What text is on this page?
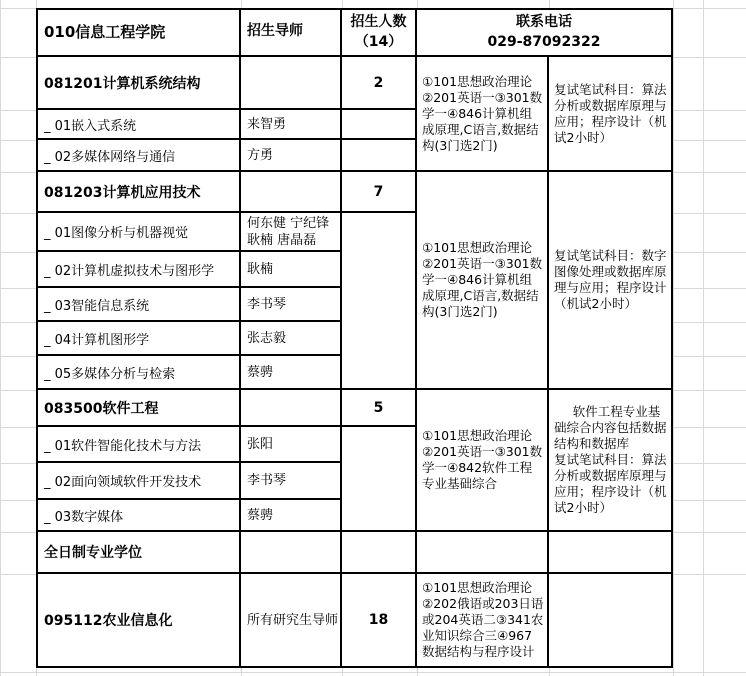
010信息工程学院	招生导师
招生人数
（14）
联系电话
029-87092322
081201计算机系统结构
_ 01嵌入式系统
_ 02多媒体网络与通信
081203计算机应用技术
_ 01图像分析与机器视觉
_ 02计算机虚拟技术与图形学
_ 03智能信息系统
_ 04计算机图形学
_ 05多媒体分析与检索
083500软件工程
_ 01软件智能化技术与方法
_ 02面向领域软件开发技术
_ 03数字媒体
全日制专业学位
095112农业信息化
来智勇
方勇
何东健 宁纪锋 耿楠 唐晶磊
耿楠
李书琴
张志毅
蔡骋
张阳
李书琴
蔡骋
所有研究生导师
2
7
5
18
①101思想政治理论②201英语一③301数学一④846计算机组成原理,C语言,数据结构(3门选2门)
①101思想政治理论②201英语一③301数学一④846计算机组成原理,C语言,数据结构(3门选2门)
①101思想政治理论②201英语一③301数学一④842软件工程专业基础综合
①101思想政治理论②202俄语或203日语或204英语二③341农业知识综合三④967数据结构与程序设计
复试笔试科目：算法分析或数据库原理与应用；程序设计（机试2小时）
复试笔试科目：数字图像处理或数据库原理与应用；程序设计（机试2小时）
软件工程专业基础综合内容包括数据结构和数据库
复试笔试科目：算法分析或数据库原理与应用；程序设计（机试2小时）
